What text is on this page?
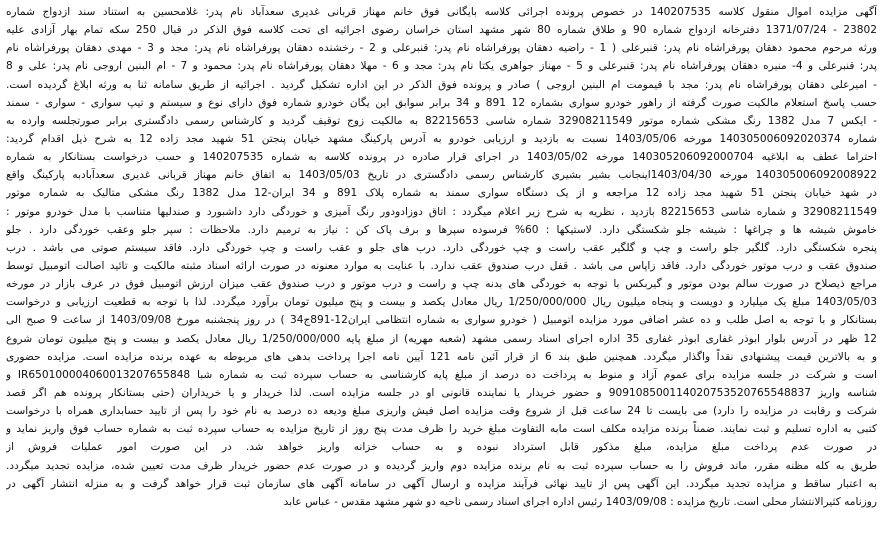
آگهی مزایده اموال منقول کلاسه 140207535 در خصوص پرونده اجرائی کلاسه بایگانی فوق خانم مهناز قربانی غدیری سعدآباد نام پدر: غلامحسین به استناد سند ازدواج شماره
23802 - 1371/07/24 دفترخانه ازدواج شماره 90 و طلاق شماره 80 شهر مشهد استان خراسان رضوی اجرائیه ای تحت کلاسه فوق الذکر در قبال 250 سکه تمام بهار آزادی علیه
ورثه مرحوم محمود دهقان پورفراشاه نام پدر: قنبرعلی ( 1 - راضیه دهقان پورفراشاه نام پدر: قنبرعلی و 2 - رخشنده دهقان پورفراشاه نام پدر: مجد و 3 - مهدی دهقان پورفراشاه نام
پدر: قنبرعلی و 4- منیره دهقان پورفراشاه نام پدر: قنبرعلی و 5 - مهناز جواهری یکتا نام پدر: مجد و 6 - مهلا دهقان پورفراشاه نام پدر: محمود و 7 - ام البنین اروجی نام پدر: علی و 8
- امیرعلی دهقان پورفراشاه نام پدر: مجد با قیمومت ام البنین اروجی ) صادر و پرونده فوق الذکر در این اداره تشکیل گردید . اجرائیه از طریق سامانه ثنا به ورثه ابلاغ گردیده است.
حسب پاسخ استعلام مالکیت صورت گرفته از راهور خودرو سواری بشماره 12 891 و 34 برابر سوابق این یگان خودرو شماره فوق دارای نوع و سیستم و تیپ سواری - سواری - سمند
- ایکس 7 مدل 1382 رنگ مشکی شماره موتور 32908211549 شماره شاسی 82215653 به مالکیت زوج توقیف گردید و کارشناس رسمی دادگستری برابر صورتجلسه وارده به
شماره 140305006092020374 مورخه 1403/05/06 نسبت به بازدید و ارزیابی خودرو به آدرس پارکینگ مشهد خیابان پنجتن 51 شهید مجد زاده 12 به شرح ذیل اقدام گردید:
احتراما عطف به ابلاغیه 140305206092000704 مورخه 1403/05/02 در اجرای قرار صادره در پرونده کلاسه به شماره 140207535 و حسب درخواست بستانکار به شماره
140305006092008922 مورخه 1403/04/30اینجانب بشیر بشیری کارشناس رسمی دادگستری در تاریخ 1403/05/03 به اتفاق خانم مهناز قربانی غدیری سعدآبادبه پارکینگ واقع
در شهد خیابان پنجتن 51 شهید مجد زاده 12 مراجعه و از یک دستگاه سواری سمند به شماره پلاک 891 و 34 ایران-12 مدل 1382 رنگ مشکی متالیک به شماره موتور
32908211549 و شماره شاسی 82215653 بازدید ، نظریه به شرح زیر اعلام میگردد : اتاق دوزادودور رنگ آمیزی و خوردگی دارد داشبورد و صندلیها متناسب با مدل خودرو موتور :
خاموش شیشه ها و چراغها : شیشه جلو شکستگی دارد. لاستیکها : 60% فرسوده سپرها و برف پاک کن : نیاز به ترمیم دارد. ملاحظات : سپر جلو وعقب خوردگی دارد . جلو
پنجره شکستگی دارد. گلگیر جلو راست و چپ و گلگیر عقب راست و چپ خوردگی دارد. درب های جلو و عقب راست و چپ خوردگی دارد. فاقد سیستم صوتی می باشد . درب
صندوق عقب و درب موتور خوردگی دارد. فاقد زاپاس می باشد . قفل درب صندوق عقب ندارد. با عنایت به موارد معنونه در صورت ارائه اسناد مثبته مالکیت و تائید اصالت اتومبیل توسط
مراجع ذیصلاح در صورت سالم بودن موتور و گیربکس با توجه به خوردگی های بدنه چپ و راست و درب موتور و درب صندوق عقب میزان ارزش اتومبیل فوق در عرف بازار در مورخه
1403/05/03 مبلغ یک میلیارد و دویست و پنجاه میلیون ریال 1/250/000/000 ریال معادل یکصد و بیست و پنج میلیون تومان برآورد میگردد. لذا با توجه به قطعیت ارزیابی و درخواست
بستانکار و با توجه به اصل طلب و ده عشر اضافی مورد مزایده اتومبیل ( خودرو سواری به شماره انتظامی ایران12-891ج34 ) در روز پنجشنبه مورخ 1403/09/08 از ساعت 9 صبح الی
12 ظهر در آدرس بلوار ابوذر غفاری ابوذر غفاری 35 اداره اجرای اسناد رسمی مشهد (شعبه مهریه) از مبلغ پایه 1/250/000/000 ریال معادل یکصد و بیست و پنج میلیون تومان شروع
و به بالاترین قیمت پیشنهادی نقداً واگذار میگردد. همچنین طبق بند 6 از قرار آئین نامه 121 آیین نامه اجرا پرداخت بدهی های مربوطه به عهده برنده مزایده است. مزایده حضوری
است و شرکت در جلسه مزایده برای عموم آزاد و منوط به پرداخت ده درصد از مبلغ پایه کارشناسی به حساب سپرده ثبت به شماره شبا IR650100004060013207655848 و
شناسه واریز 909108500114020753520765548837 و حضور خریدار یا نماینده قانونی او در جلسه مزایده است. لذا خریدار و یا خریداران (حتی بستانکار پرونده هم اگر قصد
شرکت و رقابت در مزایده را دارد) می بایست تا 24 ساعت قبل از شروع وقت مزایده اصل فیش واریزی مبلغ ودیعه ده درصد به نام خود را پس از تایید حسابداری همراه با درخواست
کتبی به اداره تسلیم و ثبت نمایند. ضمناً برنده مزایده مکلف است مابه التفاوت مبلغ خرید را ظرف مدت پنج روز از تاریخ مزایده به حساب سپرده ثبت به شماره حساب فوق واریز نماید و
در صورت عدم پرداخت مبلغ مزایده، مبلغ مذکور قابل استرداد نبوده و به حساب خزانه واریز خواهد شد. در این صورت امور عملیات فروش از
طریق به کله مظنه مقرر، ماند فروش را به حساب سپرده ثبت به نام برنده مزایده دوم واریز گردیده و در صورت عدم حضور خریدار ظرف مدت تعیین شده، مزایده تجدید میگردد.
به اعتبار ساقط و مزایده تجدید میگردد. این آگهی پس از تایید نهائی فرآیند مزایده و ارسال آگهی در سامانه آگهی های سازمان ثبت قرار خواهد گرفت و به منزله انتشار آگهی در
روزنامه کثیرالانتشار محلی است. تاریخ مزایده : 1403/09/08 رئیس اداره اجرای اسناد رسمی ناحیه دو شهر مشهد مقدس - عباس عابد
